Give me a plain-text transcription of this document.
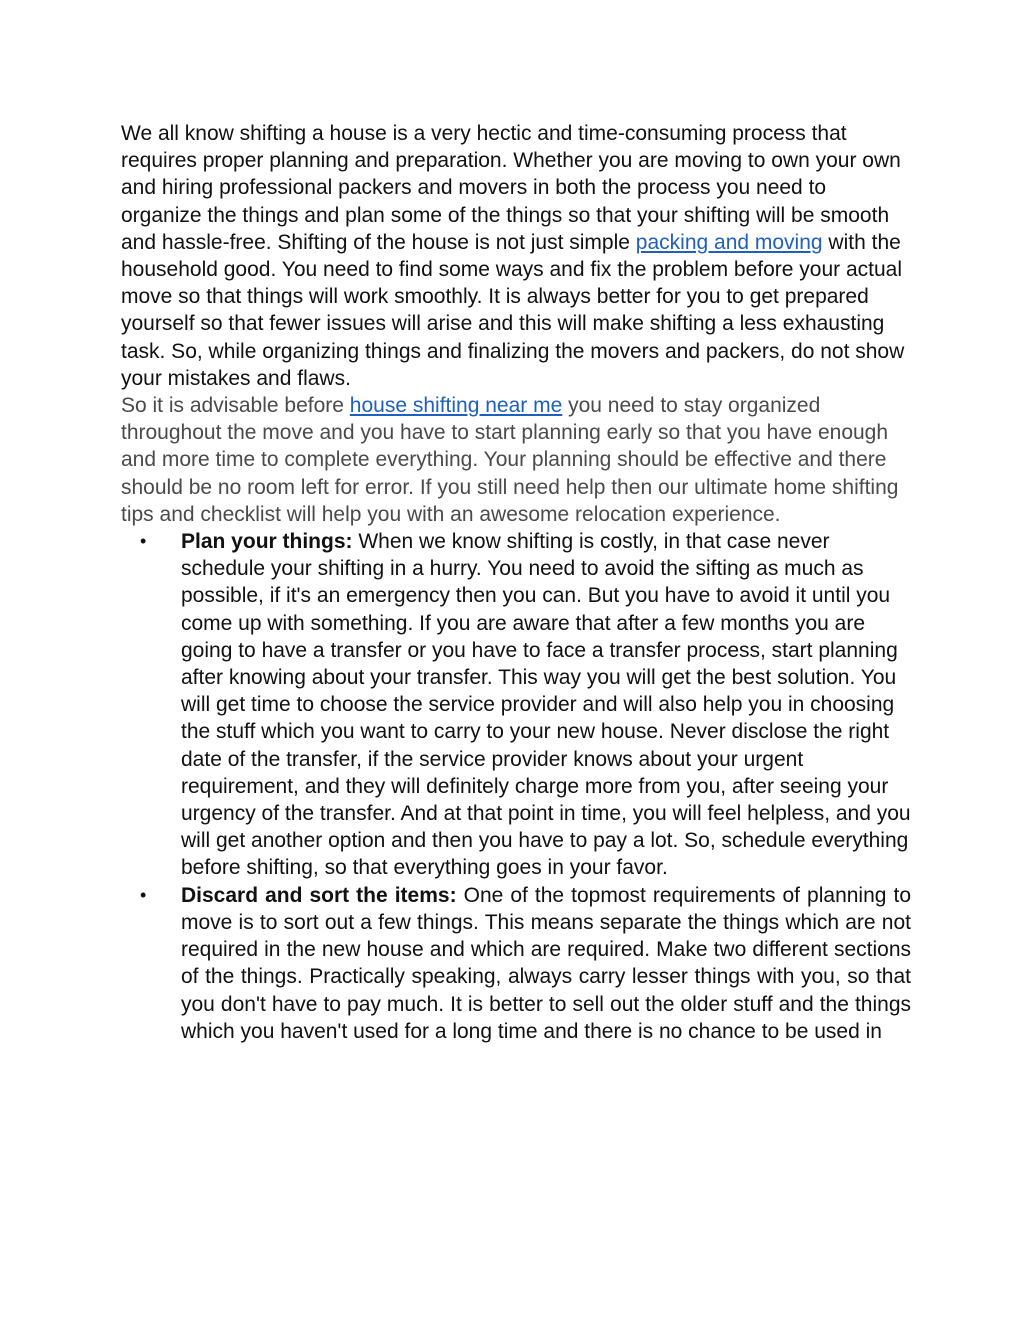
We all know shifting a house is a very hectic and time-consuming process that requires proper planning and preparation. Whether you are moving to own your own and hiring professional packers and movers in both the process you need to organize the things and plan some of the things so that your shifting will be smooth and hassle-free. Shifting of the house is not just simple packing and moving with the household good. You need to find some ways and fix the problem before your actual move so that things will work smoothly. It is always better for you to get prepared yourself so that fewer issues will arise and this will make shifting a less exhausting task. So, while organizing things and finalizing the movers and packers, do not show your mistakes and flaws.

So it is advisable before house shifting near me you need to stay organized throughout the move and you have to start planning early so that you have enough and more time to complete everything. Your planning should be effective and there should be no room left for error. If you still need help then our ultimate home shifting tips and checklist will help you with an awesome relocation experience.

• Plan your things: When we know shifting is costly, in that case never schedule your shifting in a hurry. You need to avoid the sifting as much as possible, if it's an emergency then you can. But you have to avoid it until you come up with something. If you are aware that after a few months you are going to have a transfer or you have to face a transfer process, start planning after knowing about your transfer. This way you will get the best solution. You will get time to choose the service provider and will also help you in choosing the stuff which you want to carry to your new house. Never disclose the right date of the transfer, if the service provider knows about your urgent requirement, and they will definitely charge more from you, after seeing your urgency of the transfer. And at that point in time, you will feel helpless, and you will get another option and then you have to pay a lot. So, schedule everything before shifting, so that everything goes in your favor.
• Discard and sort the items: One of the topmost requirements of planning to move is to sort out a few things. This means separate the things which are not required in the new house and which are required. Make two different sections of the things. Practically speaking, always carry lesser things with you, so that you don't have to pay much. It is better to sell out the older stuff and the things which you haven't used for a long time and there is no chance to be used in
